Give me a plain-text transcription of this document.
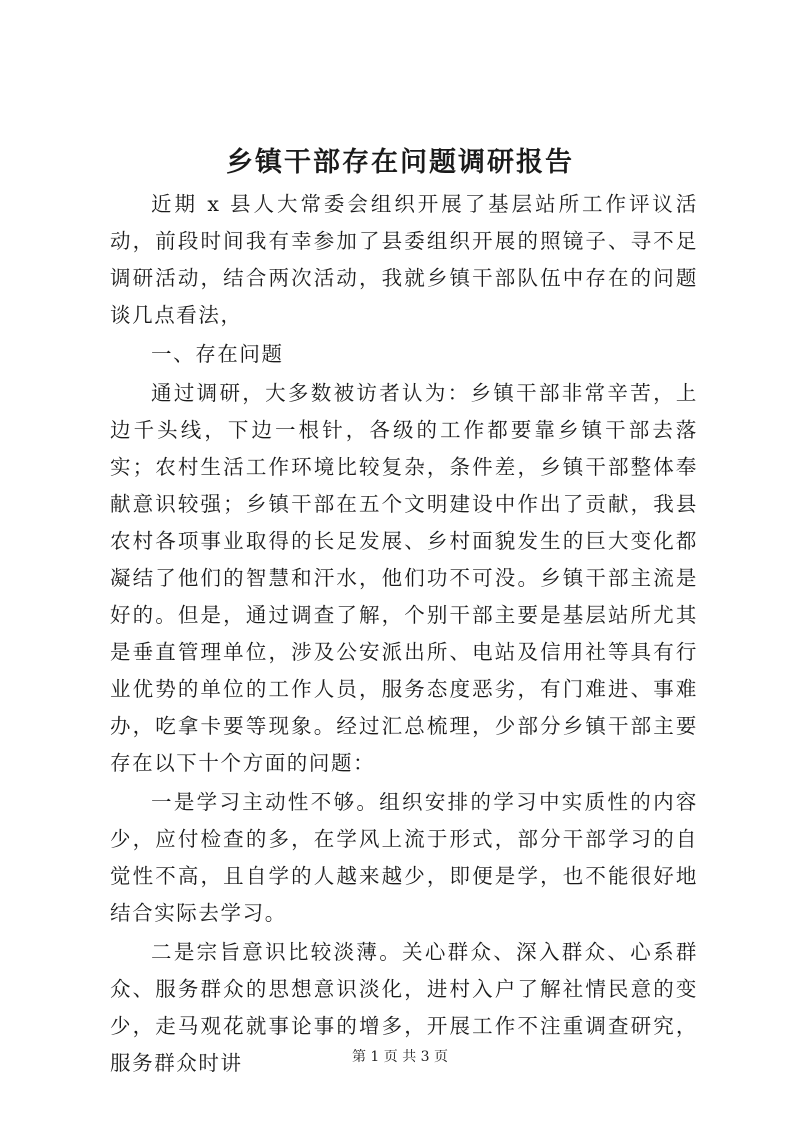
乡镇干部存在问题调研报告

近期 x 县人大常委会组织开展了基层站所工作评议活动，前段时间我有幸参加了县委组织开展的照镜子、寻不足调研活动，结合两次活动，我就乡镇干部队伍中存在的问题谈几点看法，

一、存在问题

通过调研，大多数被访者认为：乡镇干部非常辛苦，上边千头线，下边一根针，各级的工作都要靠乡镇干部去落实；农村生活工作环境比较复杂，条件差，乡镇干部整体奉献意识较强；乡镇干部在五个文明建设中作出了贡献，我县农村各项事业取得的长足发展、乡村面貌发生的巨大变化都凝结了他们的智慧和汗水，他们功不可没。乡镇干部主流是好的。但是，通过调查了解，个别干部主要是基层站所尤其是垂直管理单位，涉及公安派出所、电站及信用社等具有行业优势的单位的工作人员，服务态度恶劣，有门难进、事难办，吃拿卡要等现象。经过汇总梳理，少部分乡镇干部主要存在以下十个方面的问题：

一是学习主动性不够。组织安排的学习中实质性的内容少，应付检查的多，在学风上流于形式，部分干部学习的自觉性不高，且自学的人越来越少，即便是学，也不能很好地结合实际去学习。

二是宗旨意识比较淡薄。关心群众、深入群众、心系群众、服务群众的思想意识淡化，进村入户了解社情民意的变少，走马观花就事论事的增多，开展工作不注重调查研究，服务群众时讲	第 1 页 共 3 页
